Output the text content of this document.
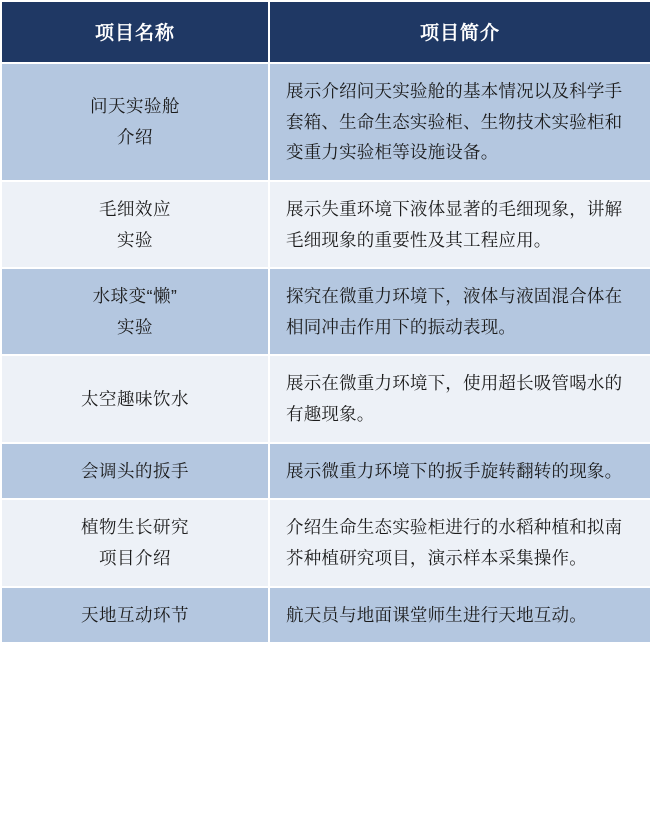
项目名称	项目简介

问天实验舱
介绍	展示介绍问天实验舱的基本情况以及科学手套箱、生命生态实验柜、生物技术实验柜和变重力实验柜等设施设备。

毛细效应
实验	展示失重环境下液体显著的毛细现象，讲解毛细现象的重要性及其工程应用。

水球变“懒”
实验	探究在微重力环境下，液体与液固混合体在相同冲击作用下的振动表现。

太空趣味饮水	展示在微重力环境下，使用超长吸管喝水的有趣现象。

会调头的扳手	展示微重力环境下的扳手旋转翻转的现象。

植物生长研究
项目介绍	介绍生命生态实验柜进行的水稻种植和拟南芥种植研究项目，演示样本采集操作。

天地互动环节	航天员与地面课堂师生进行天地互动。
